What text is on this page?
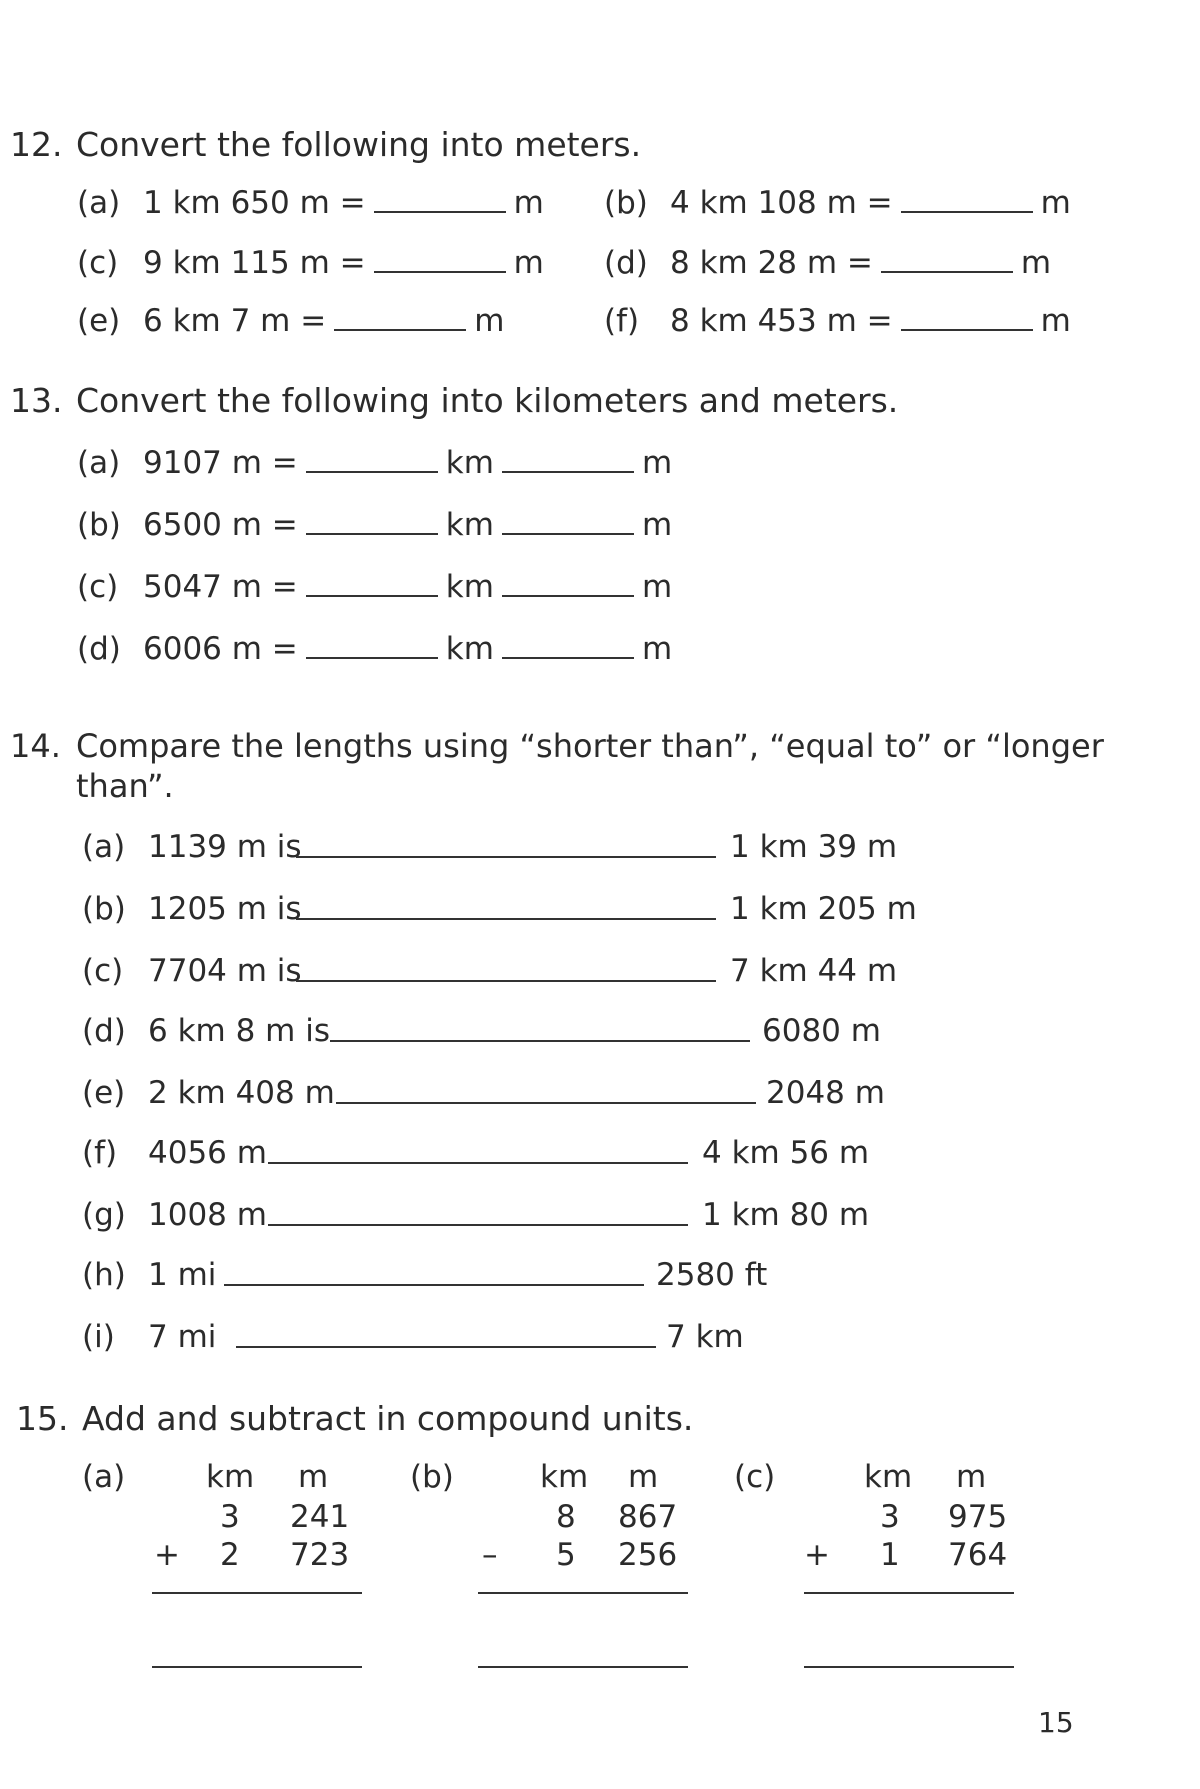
12. Convert the following into meters.
(a) 1 km 650 m =	m (b) 4 km 108 m =	m
(c) 9 km 115 m =	m (d) 8 km 28 m =	m
(e) 6 km 7 m =	m	(f) 8 km 453 m =	m
13. Convert the following into kilometers and meters.
(a) 9107 m =	km	m
(b) 6500 m =	km	m
(c) 5047 m =	km	m
(d) 6006 m =	km	m
14. Compare the lengths using “shorter than”, “equal to” or “longer
than”.
(a) 1139 m is	1 km 39 m
(b) 1205 m is	1 km 205 m
(c) 7704 m is	7 km 44 m
(d) 6 km 8 m is	6080 m
(e) 2 km 408 m	2048 m
(f) 4056 m	4 km 56 m
(g) 1008 m	1 km 80 m
(h) 1 mi	2580 ft
(i) 7 mi	7 km
15. Add and subtract in compound units.
(a)	km m
3 241
+ 2 723
(b)	km m
8 867
– 5 256
(c)	km m
3 975
+ 1 764
15
